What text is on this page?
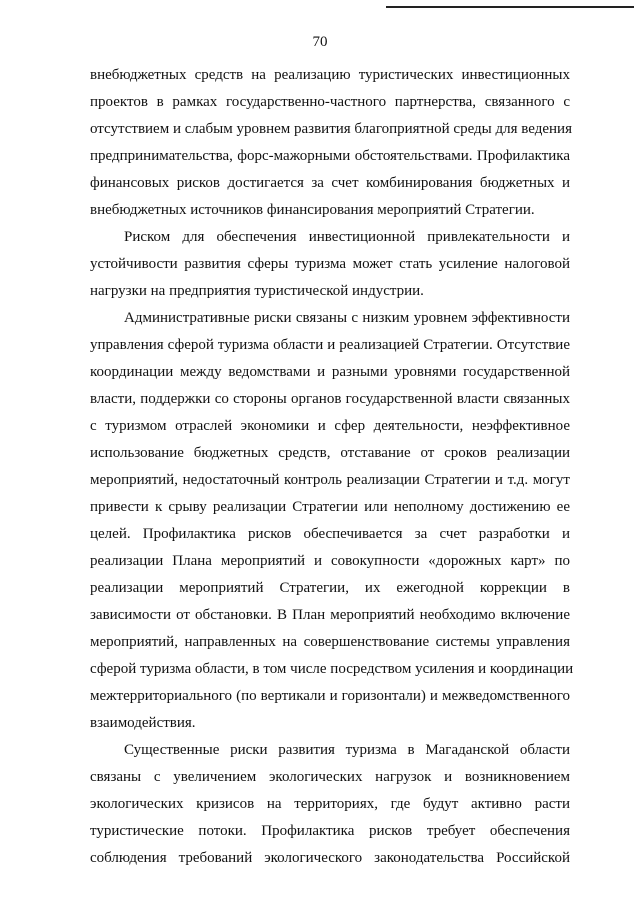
70
внебюджетных средств на реализацию туристических инвестиционных
проектов в рамках государственно-частного партнерства, связанного с
отсутствием и слабым уровнем развития благоприятной среды для ведения
предпринимательства, форс-мажорными обстоятельствами. Профилактика
финансовых рисков достигается за счет комбинирования бюджетных и
внебюджетных источников финансирования мероприятий Стратегии.
Риском для обеспечения инвестиционной привлекательности и
устойчивости развития сферы туризма может стать усиление налоговой
нагрузки на предприятия туристической индустрии.
Административные риски связаны с низким уровнем эффективности
управления сферой туризма области и реализацией Стратегии. Отсутствие
координации между ведомствами и разными уровнями государственной
власти, поддержки со стороны органов государственной власти связанных
с туризмом отраслей экономики и сфер деятельности, неэффективное
использование бюджетных средств, отставание от сроков реализации
мероприятий, недостаточный контроль реализации Стратегии и т.д. могут
привести к срыву реализации Стратегии или неполному достижению ее
целей. Профилактика рисков обеспечивается за счет разработки и
реализации Плана мероприятий и совокупности «дорожных карт» по
реализации мероприятий Стратегии, их ежегодной коррекции в
зависимости от обстановки. В План мероприятий необходимо включение
мероприятий, направленных на совершенствование системы управления
сферой туризма области, в том числе посредством усиления и координации
межтерриториального (по вертикали и горизонтали) и межведомственного
взаимодействия.
Существенные риски развития туризма в Магаданской области
связаны с увеличением экологических нагрузок и возникновением
экологических кризисов на территориях, где будут активно расти
туристические потоки. Профилактика рисков требует обеспечения
соблюдения требований экологического законодательства Российской
